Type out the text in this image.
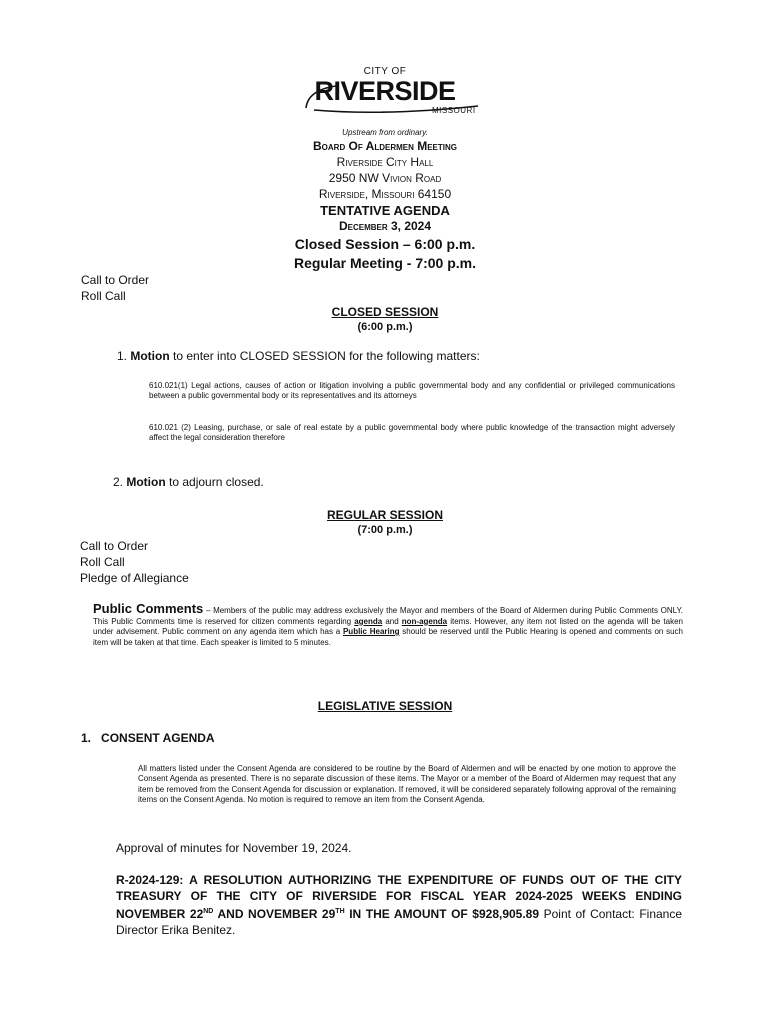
CITY OF
RIVERSIDE
MISSOURI
Upstream from ordinary.
Board Of Aldermen Meeting
Riverside City Hall
2950 NW Vivion Road
Riverside, Missouri 64150
TENTATIVE AGENDA
December 3, 2024
Closed Session – 6:00 p.m.
Regular Meeting - 7:00 p.m.
Call to Order
Roll Call
CLOSED SESSION
(6:00 p.m.)
1. Motion to enter into CLOSED SESSION for the following matters:
610.021(1) Legal actions, causes of action or litigation involving a public governmental body and any confidential or privileged communications between a public governmental body or its representatives and its attorneys
610.021 (2) Leasing, purchase, or sale of real estate by a public governmental body where public knowledge of the transaction might adversely affect the legal consideration therefore
2. Motion to adjourn closed.
REGULAR SESSION
(7:00 p.m.)
Call to Order
Roll Call
Pledge of Allegiance
Public Comments – Members of the public may address exclusively the Mayor and members of the Board of Aldermen during Public Comments ONLY. This Public Comments time is reserved for citizen comments regarding agenda and non-agenda items. However, any item not listed on the agenda will be taken under advisement. Public comment on any agenda item which has a Public Hearing should be reserved until the Public Hearing is opened and comments on such item will be taken at that time. Each speaker is limited to 5 minutes.
LEGISLATIVE SESSION
1. CONSENT AGENDA
All matters listed under the Consent Agenda are considered to be routine by the Board of Aldermen and will be enacted by one motion to approve the Consent Agenda as presented. There is no separate discussion of these items. The Mayor or a member of the Board of Aldermen may request that any item be removed from the Consent Agenda for discussion or explanation. If removed, it will be considered separately following approval of the remaining items on the Consent Agenda. No motion is required to remove an item from the Consent Agenda.
Approval of minutes for November 19, 2024.
R-2024-129: A RESOLUTION AUTHORIZING THE EXPENDITURE OF FUNDS OUT OF THE CITY TREASURY OF THE CITY OF RIVERSIDE FOR FISCAL YEAR 2024-2025 WEEKS ENDING NOVEMBER 22ND AND NOVEMBER 29TH IN THE AMOUNT OF $928,905.89 Point of Contact: Finance Director Erika Benitez.
